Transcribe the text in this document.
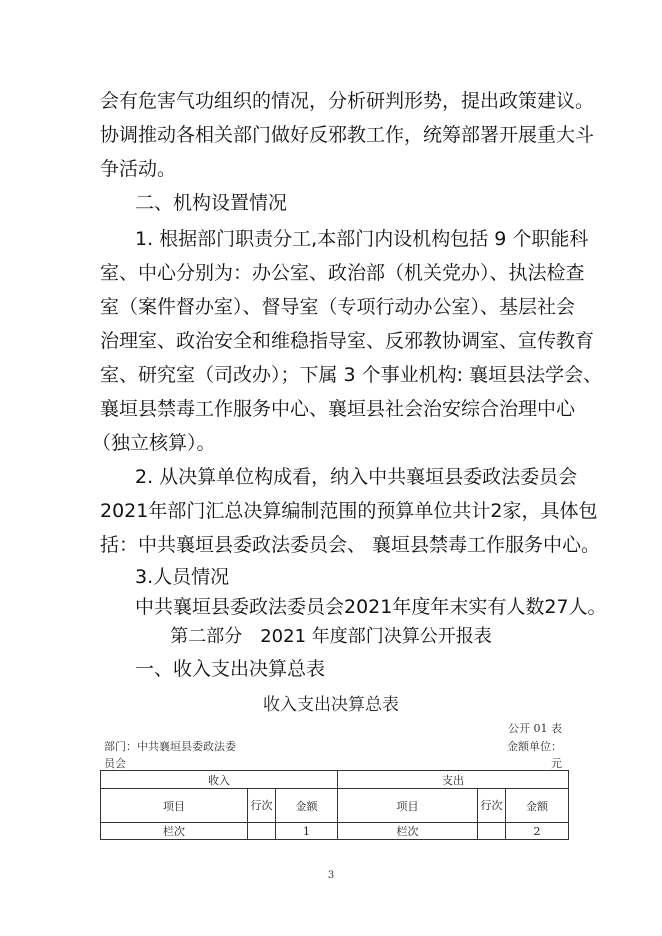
会有危害气功组织的情况，分析研判形势，提出政策建议。
协调推动各相关部门做好反邪教工作，统筹部署开展重大斗
争活动。
二、机构设置情况
1. 根据部门职责分工,本部门内设机构包括 9 个职能科
室、中心分别为：办公室、政治部（机关党办）、执法检查
室（案件督办室）、督导室（专项行动办公室）、基层社会
治理室、政治安全和维稳指导室、反邪教协调室、宣传教育
室、研究室（司改办）；下属 3 个事业机构: 襄垣县法学会、
襄垣县禁毒工作服务中心、襄垣县社会治安综合治理中心
（独立核算）。
2. 从决算单位构成看，纳入中共襄垣县委政法委员会
2021年部门汇总决算编制范围的预算单位共计2家，具体包
括：中共襄垣县委政法委员会、 襄垣县禁毒工作服务中心。
3.人员情况
中共襄垣县委政法委员会2021年度年末实有人数27人。
第二部分　2021 年度部门决算公开报表
一、收入支出决算总表
收入支出决算总表
公开 01 表
部门：中共襄垣县委政法委
员会
金额单位：
元
收入			支出		
项目	行次	金额	项目	行次	金额
栏次		1	栏次		2
3
